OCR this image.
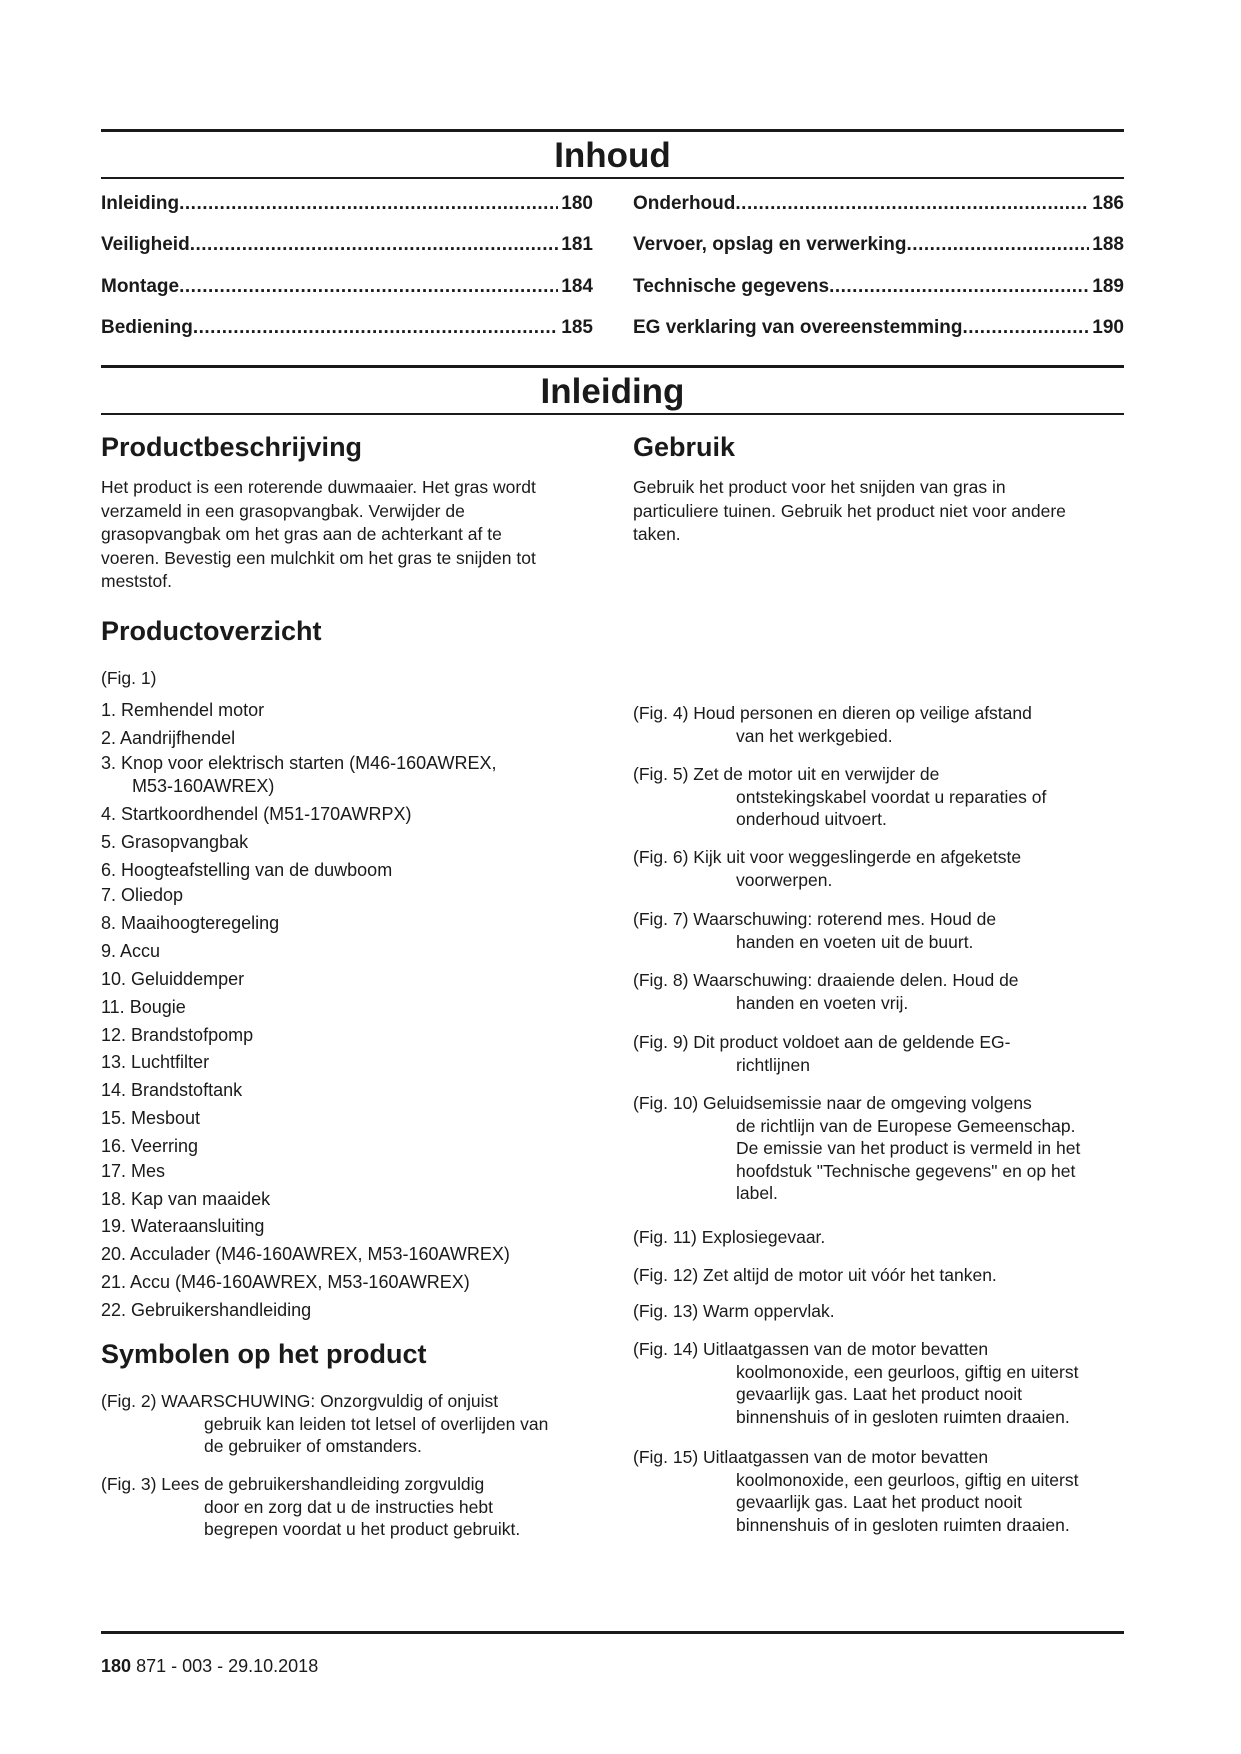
Inhoud
Inleiding .....	180
Veiligheid .....	181
Montage .....	184
Bediening .....	185
Onderhoud .....	186
Vervoer, opslag en verwerking .....	188
Technische gegevens .....	189
EG verklaring van overeenstemming .....	190
Inleiding
Productbeschrijving
Het product is een roterende duwmaaier. Het gras wordt
verzameld in een grasopvangbak. Verwijder de
grasopvangbak om het gras aan de achterkant af te
voeren. Bevestig een mulchkit om het gras te snijden tot
meststof.
Gebruik
Gebruik het product voor het snijden van gras in
particuliere tuinen. Gebruik het product niet voor andere
taken.
Productoverzicht
(Fig. 1)
1. Remhendel motor
2. Aandrijfhendel
3. Knop voor elektrisch starten (M46-160AWREX,
M53-160AWREX)
4. Startkoordhendel (M51-170AWRPX)
5. Grasopvangbak
6. Hoogteafstelling van de duwboom
7. Oliedop
8. Maaihoogteregeling
9. Accu
10. Geluiddemper
11. Bougie
12. Brandstofpomp
13. Luchtfilter
14. Brandstoftank
15. Mesbout
16. Veerring
17. Mes
18. Kap van maaidek
19. Wateraansluiting
20. Acculader (M46-160AWREX, M53-160AWREX)
21. Accu (M46-160AWREX, M53-160AWREX)
22. Gebruikershandleiding
Symbolen op het product
(Fig. 2) WAARSCHUWING: Onzorgvuldig of onjuist
gebruik kan leiden tot letsel of overlijden van
de gebruiker of omstanders.
(Fig. 3) Lees de gebruikershandleiding zorgvuldig
door en zorg dat u de instructies hebt
begrepen voordat u het product gebruikt.
(Fig. 4) Houd personen en dieren op veilige afstand
van het werkgebied.
(Fig. 5) Zet de motor uit en verwijder de
ontstekingskabel voordat u reparaties of
onderhoud uitvoert.
(Fig. 6) Kijk uit voor weggeslingerde en afgeketste
voorwerpen.
(Fig. 7) Waarschuwing: roterend mes. Houd de
handen en voeten uit de buurt.
(Fig. 8) Waarschuwing: draaiende delen. Houd de
handen en voeten vrij.
(Fig. 9) Dit product voldoet aan de geldende EG-
richtlijnen
(Fig. 10) Geluidsemissie naar de omgeving volgens
de richtlijn van de Europese Gemeenschap.
De emissie van het product is vermeld in het
hoofdstuk "Technische gegevens" en op het
label.
(Fig. 11) Explosiegevaar.
(Fig. 12) Zet altijd de motor uit vóór het tanken.
(Fig. 13) Warm oppervlak.
(Fig. 14) Uitlaatgassen van de motor bevatten
koolmonoxide, een geurloos, giftig en uiterst
gevaarlijk gas. Laat het product nooit
binnenshuis of in gesloten ruimten draaien.
(Fig. 15) Uitlaatgassen van de motor bevatten
koolmonoxide, een geurloos, giftig en uiterst
gevaarlijk gas. Laat het product nooit
binnenshuis of in gesloten ruimten draaien.
180 871 - 003 - 29.10.2018
